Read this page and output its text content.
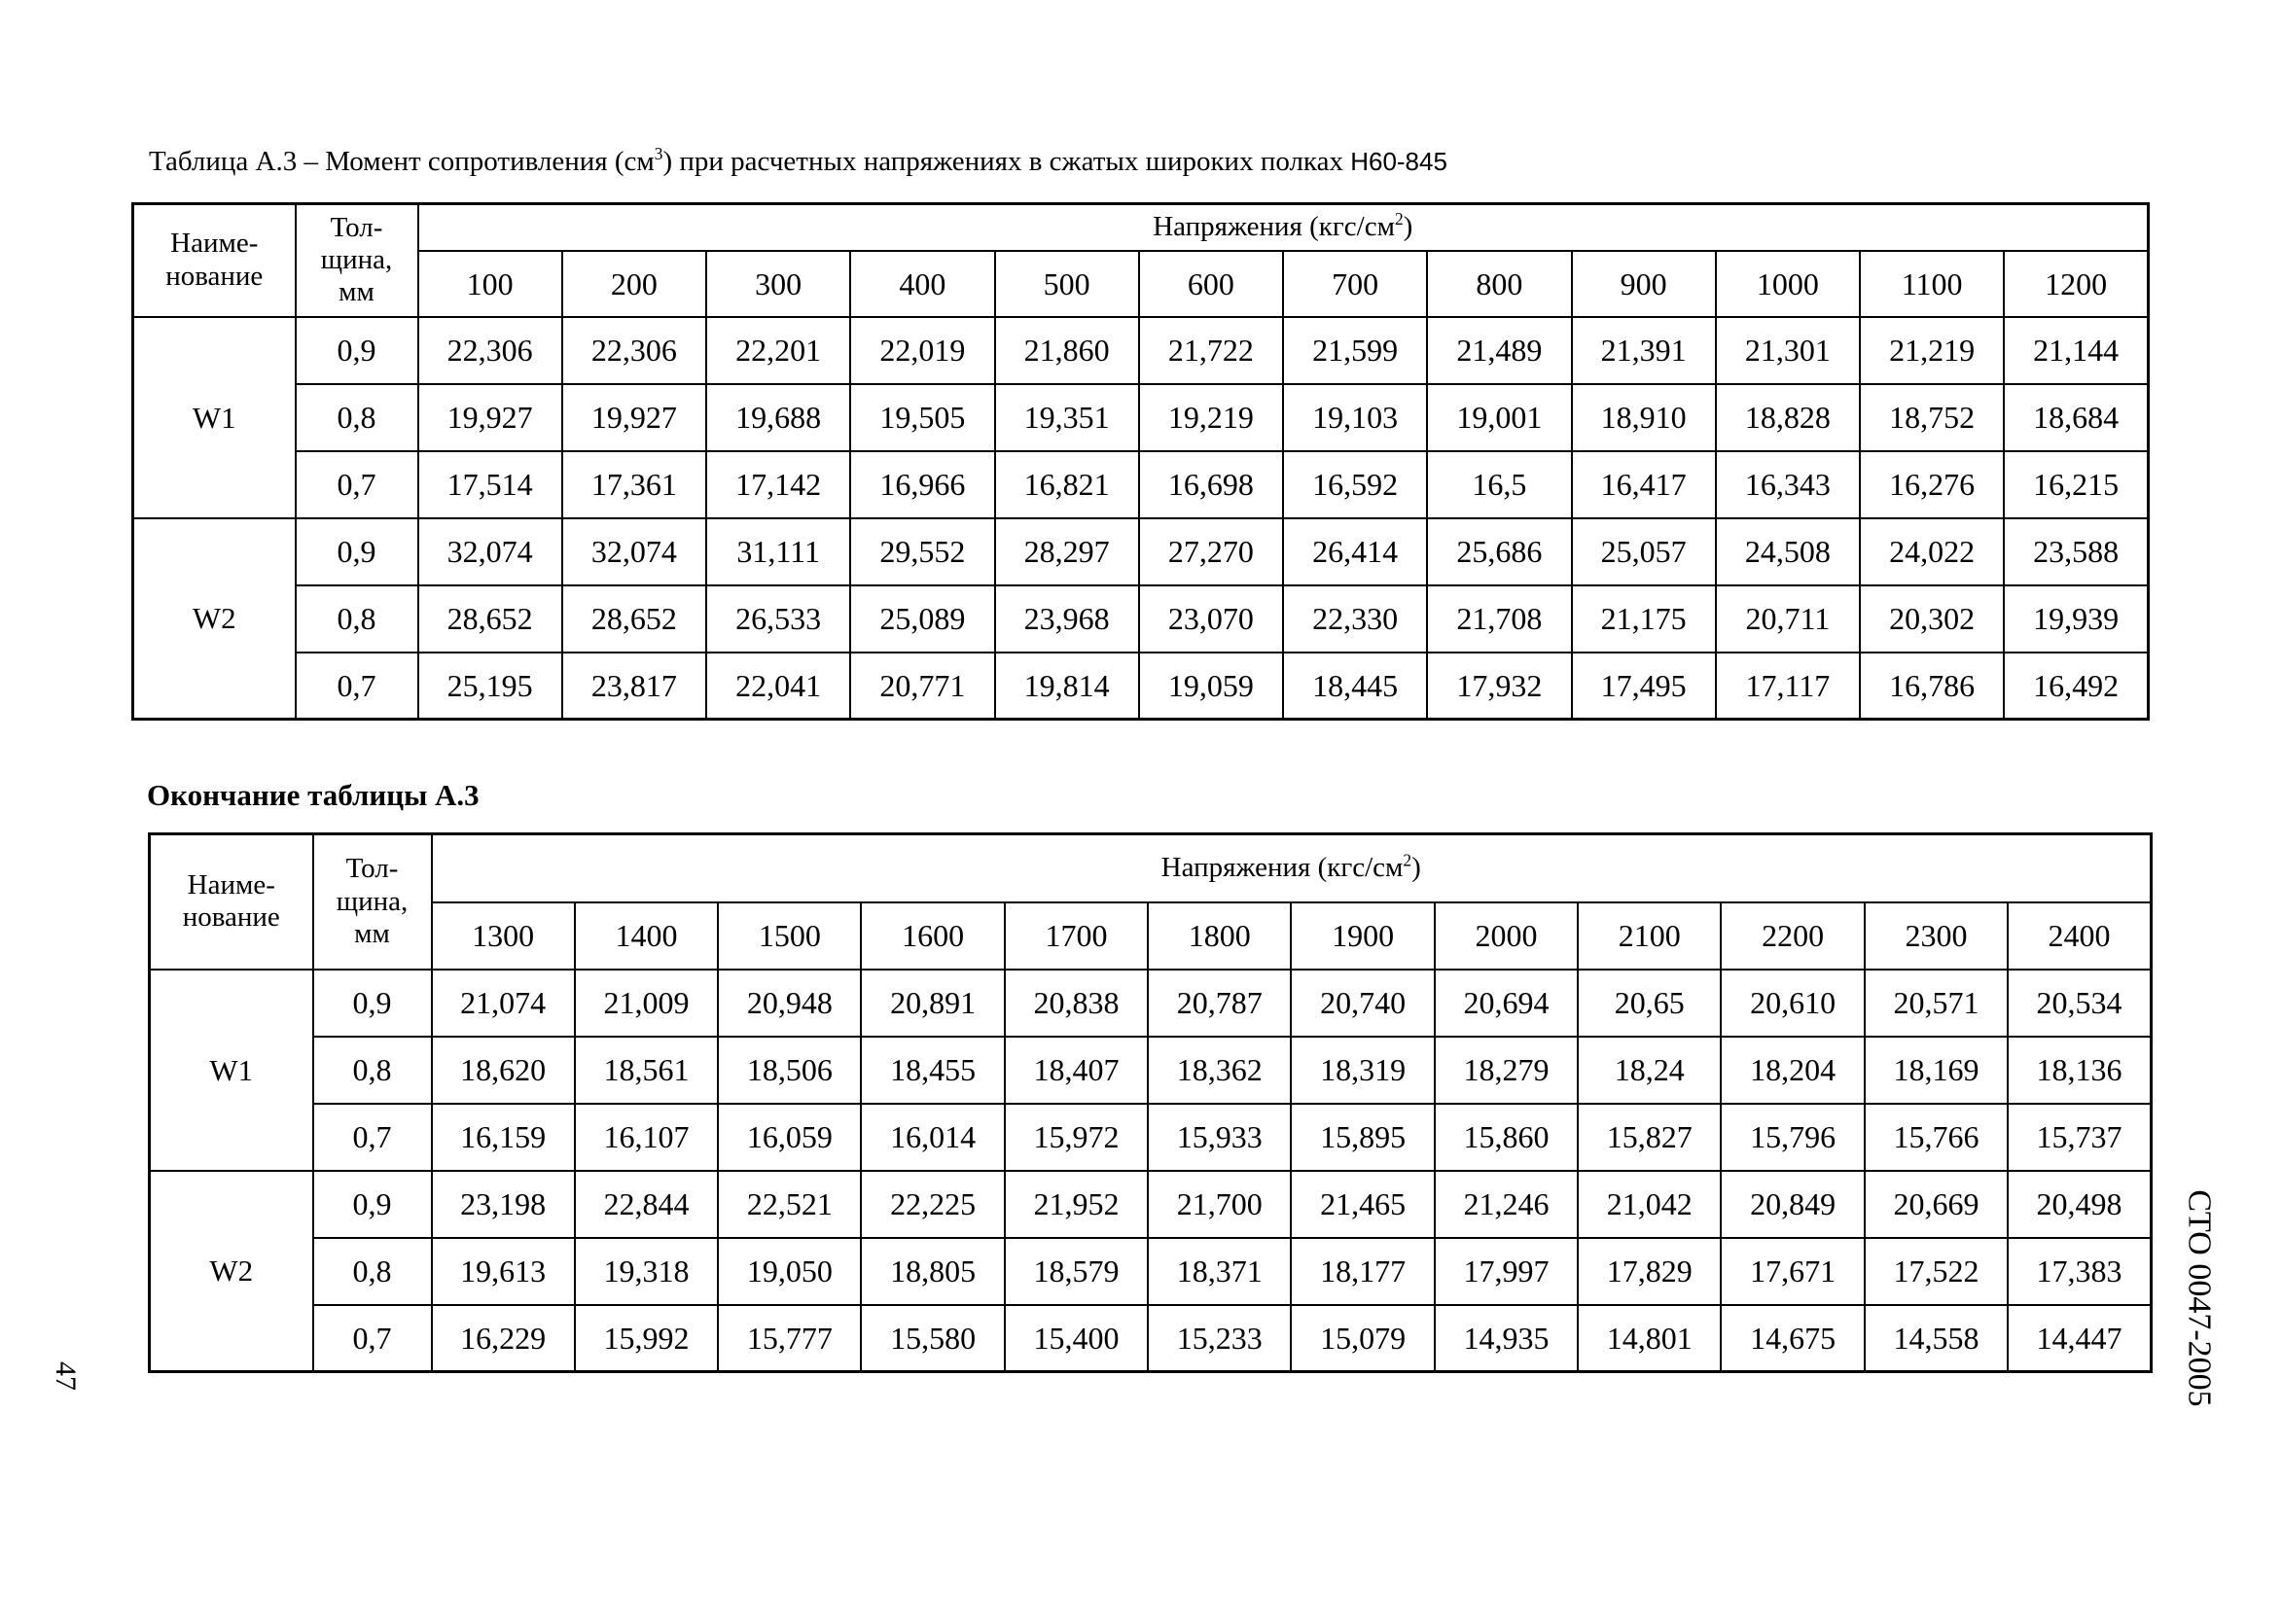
Таблица А.3 – Момент сопротивления $(см^3)$ при расчетных напряжениях в сжатых широких полках Н60-845
Наиме-
нование	Тол-
щина,
мм	Напряжения $(кгс/см^2)$											
		100	200	300	400	500	600	700	800	900	1000	1100	1200
W1	0,9	22,306	22,306	22,201	22,019	21,860	21,722	21,599	21,489	21,391	21,301	21,219	21,144
	0,8	19,927	19,927	19,688	19,505	19,351	19,219	19,103	19,001	18,910	18,828	18,752	18,684
	0,7	17,514	17,361	17,142	16,966	16,821	16,698	16,592	16,5	16,417	16,343	16,276	16,215
W2	0,9	32,074	32,074	31,111	29,552	28,297	27,270	26,414	25,686	25,057	24,508	24,022	23,588
	0,8	28,652	28,652	26,533	25,089	23,968	23,070	22,330	21,708	21,175	20,711	20,302	19,939
	0,7	25,195	23,817	22,041	20,771	19,814	19,059	18,445	17,932	17,495	17,117	16,786	16,492
Окончание таблицы А.3
Наиме-
нование	Тол-
щина,
мм	Напряжения $(кгс/см^2)$											
		1300	1400	1500	1600	1700	1800	1900	2000	2100	2200	2300	2400
W1	0,9	21,074	21,009	20,948	20,891	20,838	20,787	20,740	20,694	20,65	20,610	20,571	20,534
	0,8	18,620	18,561	18,506	18,455	18,407	18,362	18,319	18,279	18,24	18,204	18,169	18,136
	0,7	16,159	16,107	16,059	16,014	15,972	15,933	15,895	15,860	15,827	15,796	15,766	15,737
W2	0,9	23,198	22,844	22,521	22,225	21,952	21,700	21,465	21,246	21,042	20,849	20,669	20,498
	0,8	19,613	19,318	19,050	18,805	18,579	18,371	18,177	17,997	17,829	17,671	17,522	17,383
	0,7	16,229	15,992	15,777	15,580	15,400	15,233	15,079	14,935	14,801	14,675	14,558	14,447 СТО 0047-2005
47
